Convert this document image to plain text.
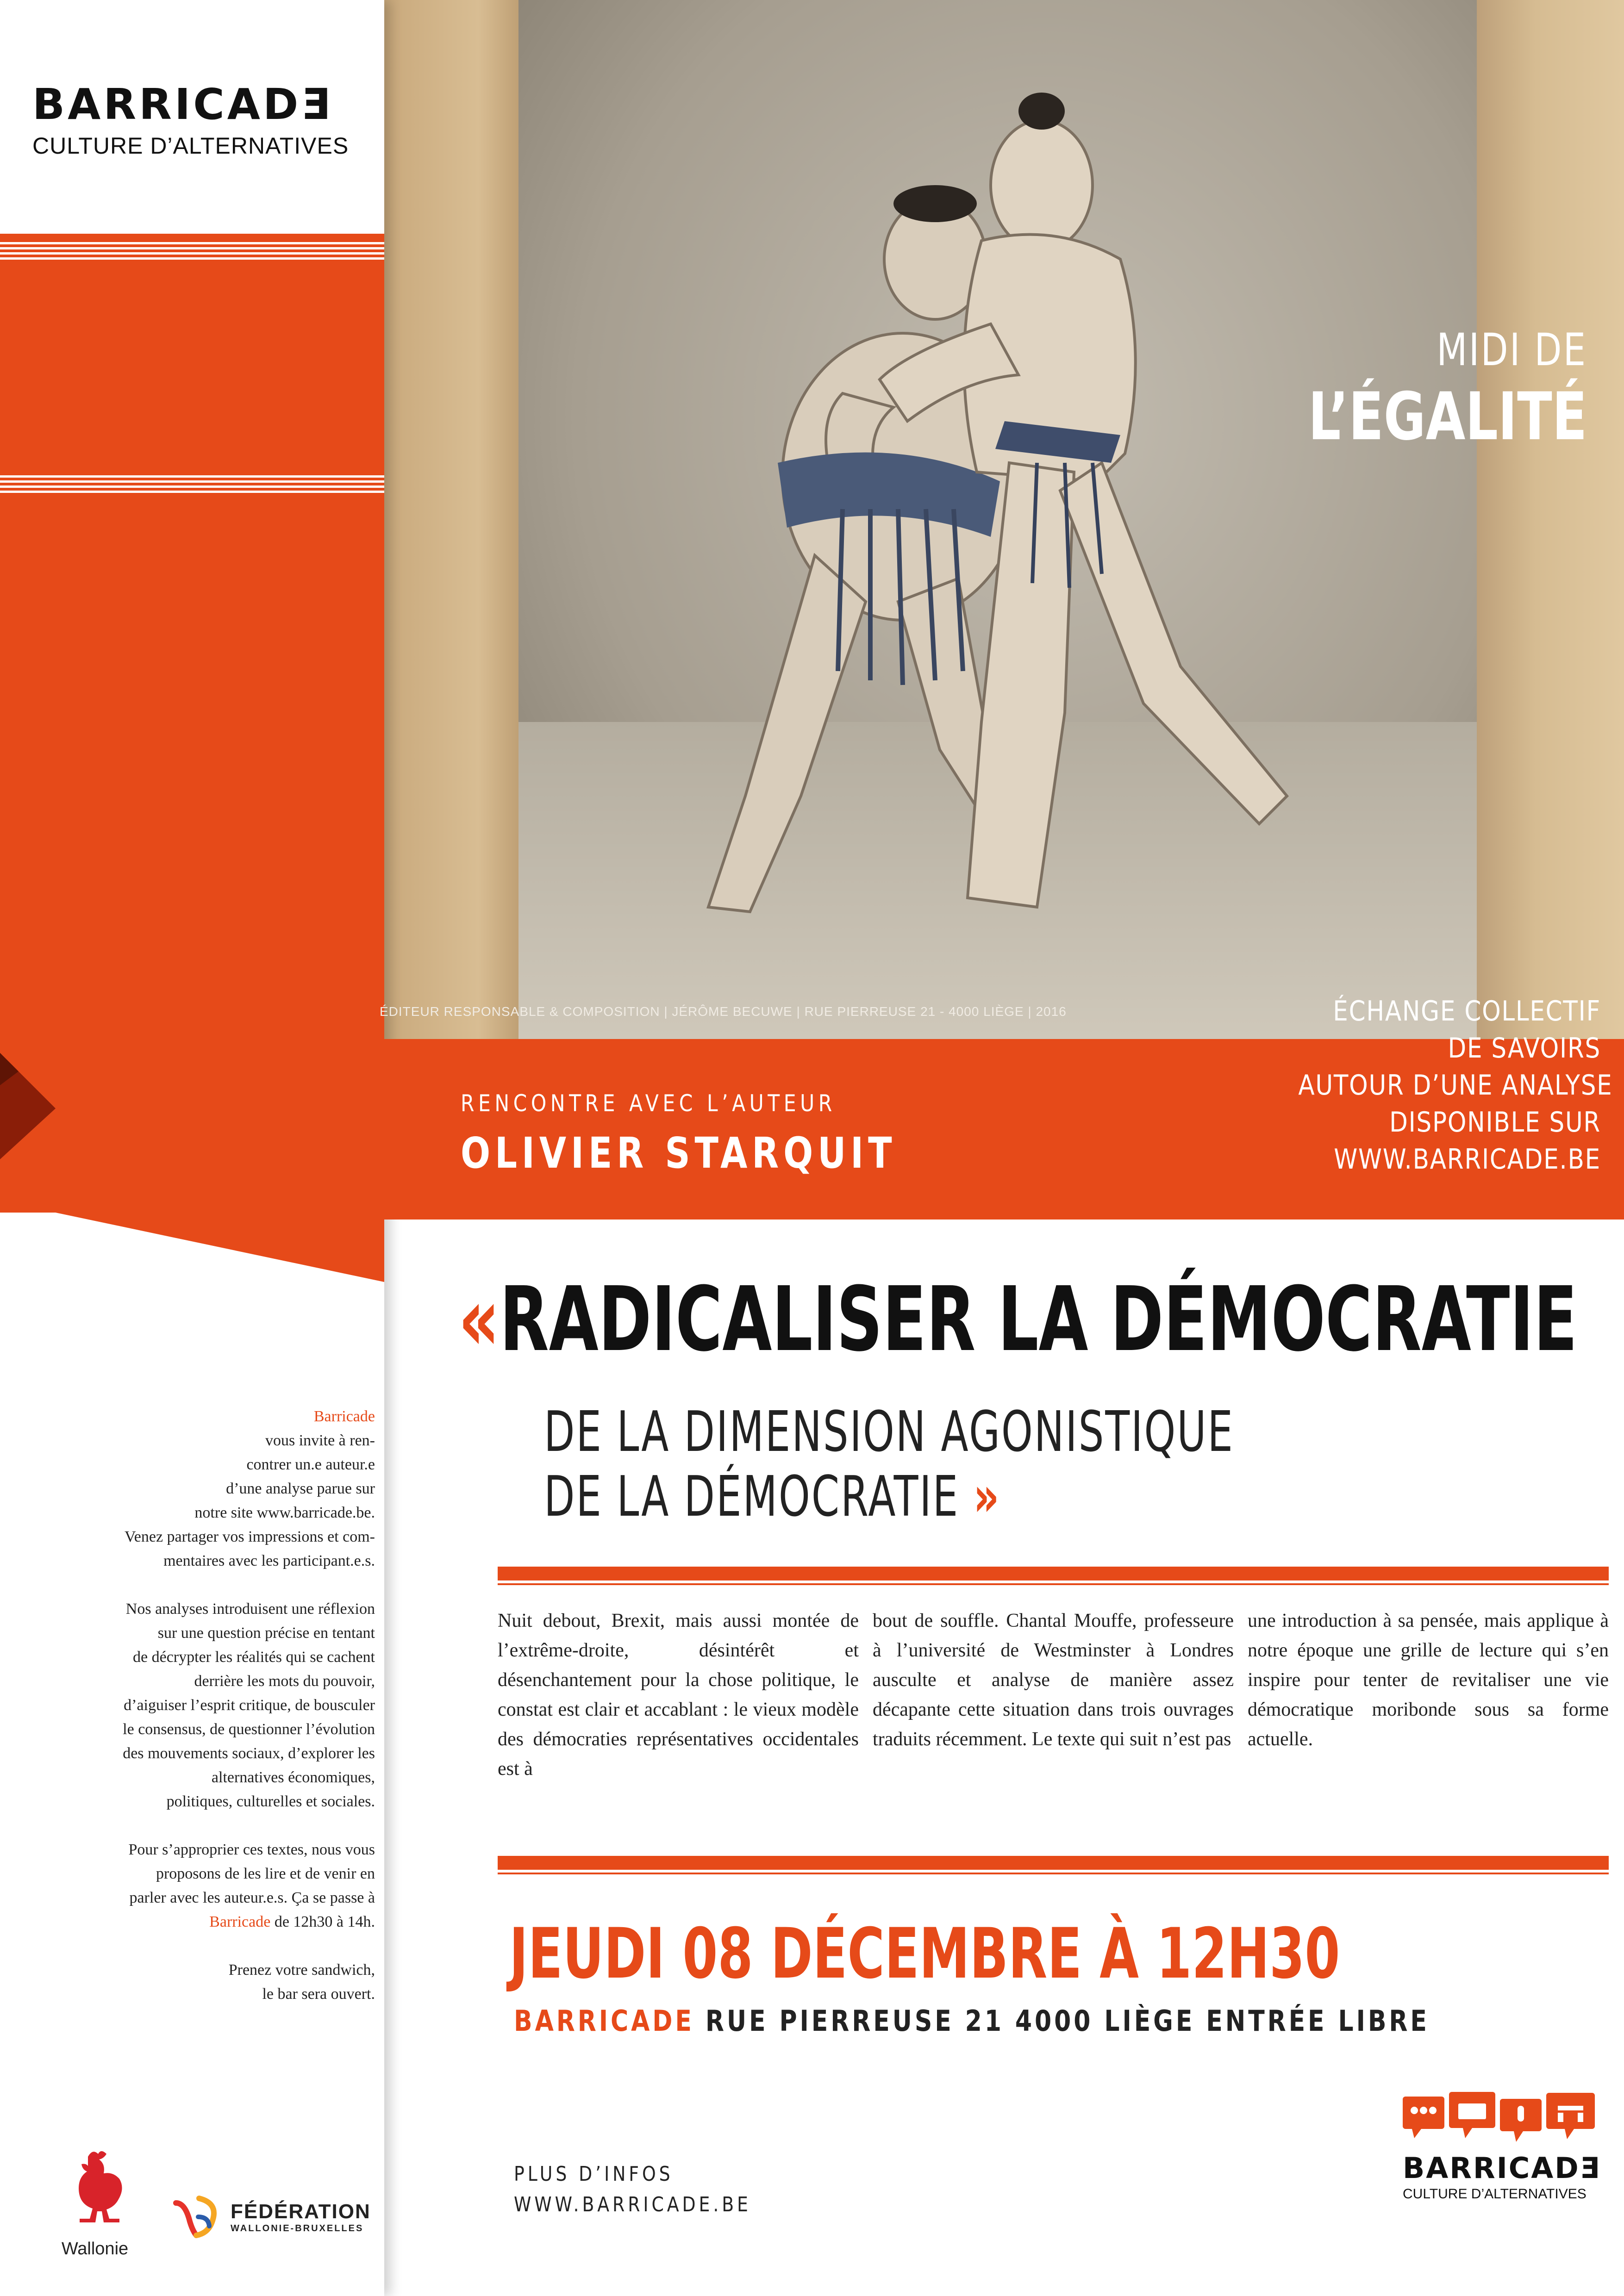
BARRICADƎ
CULTURE D’ALTERNATIVES
MIDI DE
L’ÉGALITÉ
ÉCHANGE COLLECTIF
DE SAVOIRS
AUTOUR D’UNE ANALYSE
DISPONIBLE SUR
WWW.BARRICADE.BE

Barricade
vous invite à ren-
contrer un.e auteur.e
d’une analyse parue sur
notre site www.barricade.be.
Venez partager vos impressions et com-
mentaires avec les participant.e.s.

Nos analyses introduisent une réflexion
sur une question précise en tentant
de décrypter les réalités qui se cachent
derrière les mots du pouvoir,
d’aiguiser l’esprit critique, de bousculer
le consensus, de questionner l’évolution
des mouvements sociaux, d’explorer les
alternatives économiques,
politiques, culturelles et sociales.

Pour s’approprier ces textes, nous vous
proposons de les lire et de venir en
parler avec les auteur.e.s. Ça se passe à
Barricade de 12h30 à 14h.

Prenez votre sandwich,
le bar sera ouvert.

Wallonie
FÉDÉRATION
WALLONIE-BRUXELLES
ÉDITEUR RESPONSABLE & COMPOSITION | JÉRÔME BECUWE | RUE PIERREUSE 21 - 4000 LIÈGE | 2016
RENCONTRE AVEC L’AUTEUR
OLIVIER STARQUIT
«RADICALISER LA DÉMOCRATIE
DE LA DIMENSION AGONISTIQUE
DE LA DÉMOCRATIE »
Nuit debout, Brexit, mais aussi montée de l’extrême-droite, désintérêt et désenchantement pour la chose politique, le constat est clair et accablant : le vieux modèle des démocraties représentatives occidentales est à
bout de souffle. Chantal Mouffe, professeure à l’université de Westminster à Londres ausculte et analyse de manière assez décapante cette situation dans trois ouvrages traduits récemment. Le texte qui suit n’est pas
une introduction à sa pensée, mais applique à notre époque une grille de lecture qui s’en inspire pour tenter de revitaliser une vie démocratique moribonde sous sa forme actuelle.
JEUDI 08 DÉCEMBRE À 12H30
BARRICADE RUE PIERREUSE 21 4000 LIÈGE ENTRÉE LIBRE
PLUS D’INFOS
WWW.BARRICADE.BE
BARRICADƎ
CULTURE D’ALTERNATIVES
